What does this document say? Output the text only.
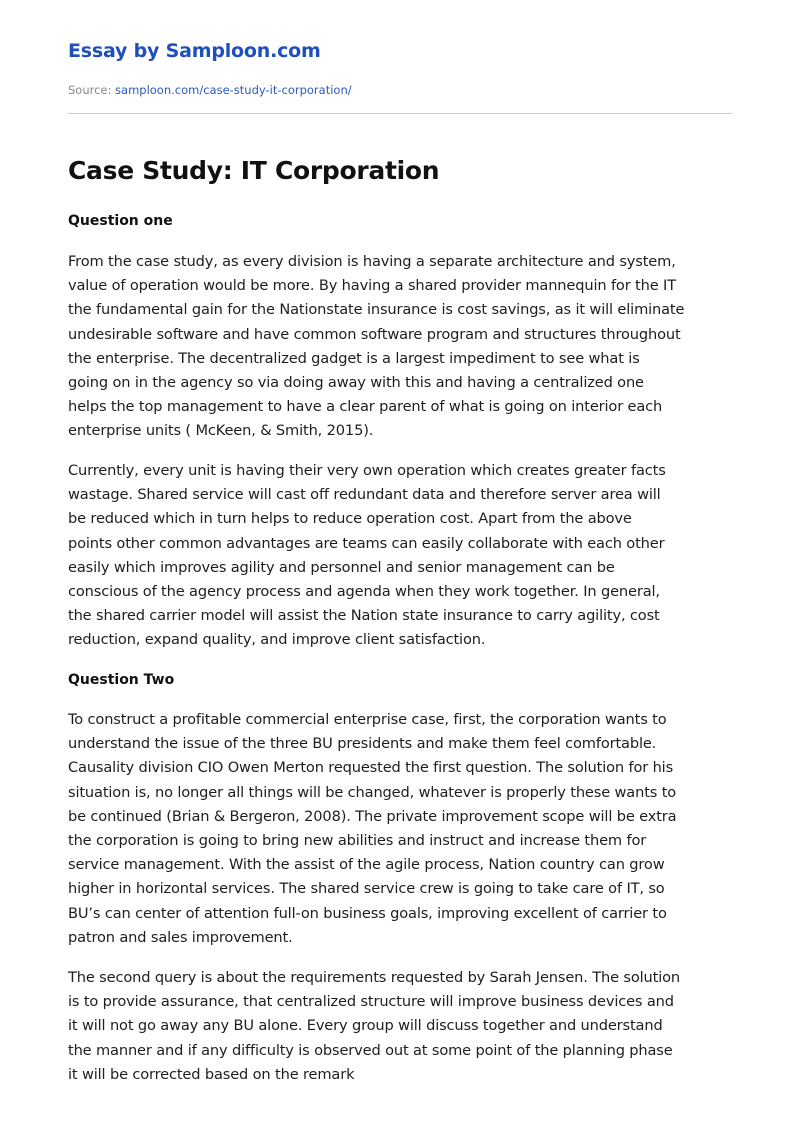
Essay by Samploon.com
Source: samploon.com/case-study-it-corporation/
Case Study: IT Corporation
Question one
From the case study, as every division is having a separate architecture and system,
value of operation would be more. By having a shared provider mannequin for the IT
the fundamental gain for the Nationstate insurance is cost savings, as it will eliminate
undesirable software and have common software program and structures throughout
the enterprise. The decentralized gadget is a largest impediment to see what is
going on in the agency so via doing away with this and having a centralized one
helps the top management to have a clear parent of what is going on interior each
enterprise units ( McKeen, & Smith, 2015).
Currently, every unit is having their very own operation which creates greater facts
wastage. Shared service will cast off redundant data and therefore server area will
be reduced which in turn helps to reduce operation cost. Apart from the above
points other common advantages are teams can easily collaborate with each other
easily which improves agility and personnel and senior management can be
conscious of the agency process and agenda when they work together. In general,
the shared carrier model will assist the Nation state insurance to carry agility, cost
reduction, expand quality, and improve client satisfaction.
Question Two
To construct a profitable commercial enterprise case, first, the corporation wants to
understand the issue of the three BU presidents and make them feel comfortable.
Causality division CIO Owen Merton requested the first question. The solution for his
situation is, no longer all things will be changed, whatever is properly these wants to
be continued (Brian & Bergeron, 2008). The private improvement scope will be extra
the corporation is going to bring new abilities and instruct and increase them for
service management. With the assist of the agile process, Nation country can grow
higher in horizontal services. The shared service crew is going to take care of IT, so
BU’s can center of attention full-on business goals, improving excellent of carrier to
patron and sales improvement.
The second query is about the requirements requested by Sarah Jensen. The solution
is to provide assurance, that centralized structure will improve business devices and
it will not go away any BU alone. Every group will discuss together and understand
the manner and if any difficulty is observed out at some point of the planning phase
it will be corrected based on the remark
